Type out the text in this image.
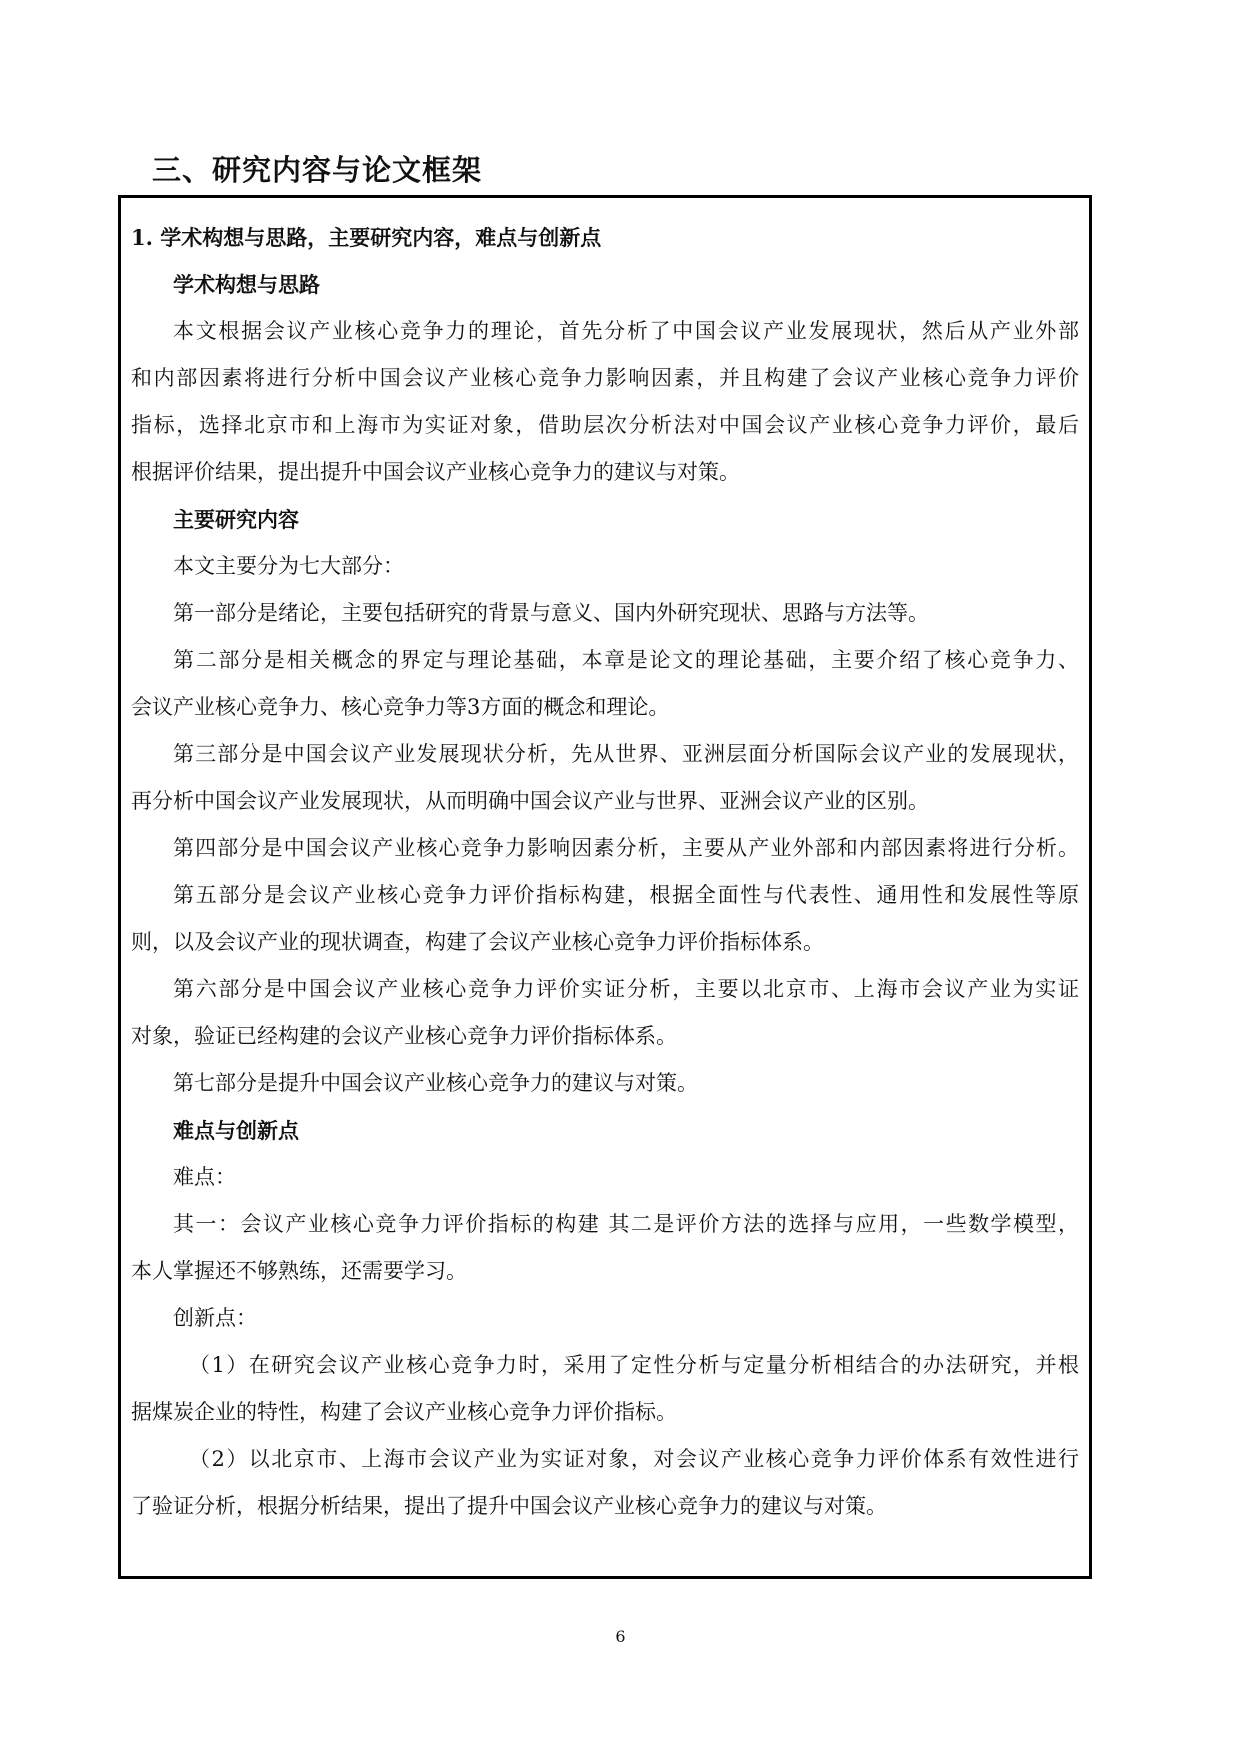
三、研究内容与论文框架
1. 学术构想与思路，主要研究内容，难点与创新点
学术构想与思路
本文根据会议产业核心竞争力的理论，首先分析了中国会议产业发展现状，然后从产业外部
和内部因素将进行分析中国会议产业核心竞争力影响因素，并且构建了会议产业核心竞争力评价
指标，选择北京市和上海市为实证对象，借助层次分析法对中国会议产业核心竞争力评价，最后
根据评价结果，提出提升中国会议产业核心竞争力的建议与对策。
主要研究内容
本文主要分为七大部分：
第一部分是绪论，主要包括研究的背景与意义、国内外研究现状、思路与方法等。
第二部分是相关概念的界定与理论基础，本章是论文的理论基础，主要介绍了核心竞争力、
会议产业核心竞争力、核心竞争力等3方面的概念和理论。
第三部分是中国会议产业发展现状分析，先从世界、亚洲层面分析国际会议产业的发展现状，
再分析中国会议产业发展现状，从而明确中国会议产业与世界、亚洲会议产业的区别。
第四部分是中国会议产业核心竞争力影响因素分析，主要从产业外部和内部因素将进行分析。
第五部分是会议产业核心竞争力评价指标构建，根据全面性与代表性、通用性和发展性等原
则，以及会议产业的现状调查，构建了会议产业核心竞争力评价指标体系。
第六部分是中国会议产业核心竞争力评价实证分析，主要以北京市、上海市会议产业为实证
对象，验证已经构建的会议产业核心竞争力评价指标体系。
第七部分是提升中国会议产业核心竞争力的建议与对策。
难点与创新点
难点：
其一：会议产业核心竞争力评价指标的构建 其二是评价方法的选择与应用，一些数学模型，
本人掌握还不够熟练，还需要学习。
创新点：
（1）在研究会议产业核心竞争力时，采用了定性分析与定量分析相结合的办法研究，并根
据煤炭企业的特性，构建了会议产业核心竞争力评价指标。
（2）以北京市、上海市会议产业为实证对象，对会议产业核心竞争力评价体系有效性进行
了验证分析，根据分析结果，提出了提升中国会议产业核心竞争力的建议与对策。
6
